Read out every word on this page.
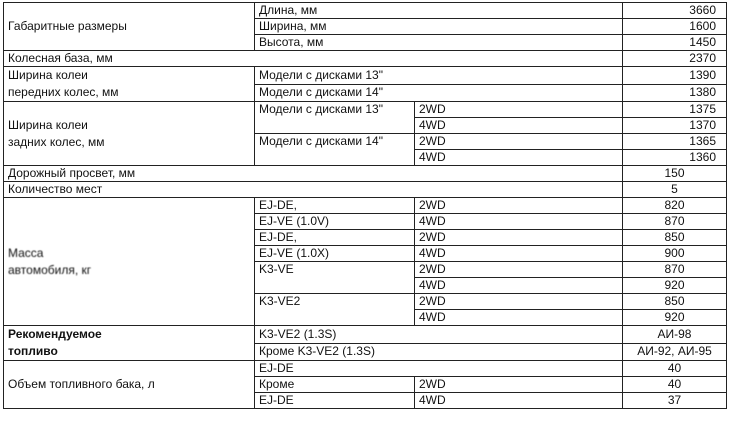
Габаритные размеры	Длина, мм		3660
	Ширина, мм		1600
	Высота, мм		1450
Колесная база, мм			2370

Ширина колеи
передних колес, мм	Модели с дисками 13"		1390
	Модели с дисками 14"		1380

Ширина колеи
задних колес, мм	Модели с дисками 13"	2WD	1375
		4WD	1370
	Модели с дисками 14"	2WD	1365
		4WD	1360
Дорожный просвет, мм			150
Количество мест			5

Масса
автомобиля, кг	EJ-DE,	2WD	820
	EJ-VE (1.0V)	4WD	870
	EJ-DE,	2WD	850
	EJ-VE (1.0X)	4WD	900
	K3-VE	2WD	870
		4WD	920
	K3-VE2	2WD	850
		4WD	920

Рекомендуемое
топливо	K3-VE2 (1.3S)		АИ-98
	Кроме K3-VE2 (1.3S)		АИ-92, АИ-95
Объем топливного бака, л	EJ-DE		40
	Кроме	2WD	40
	EJ-DE	4WD	37
